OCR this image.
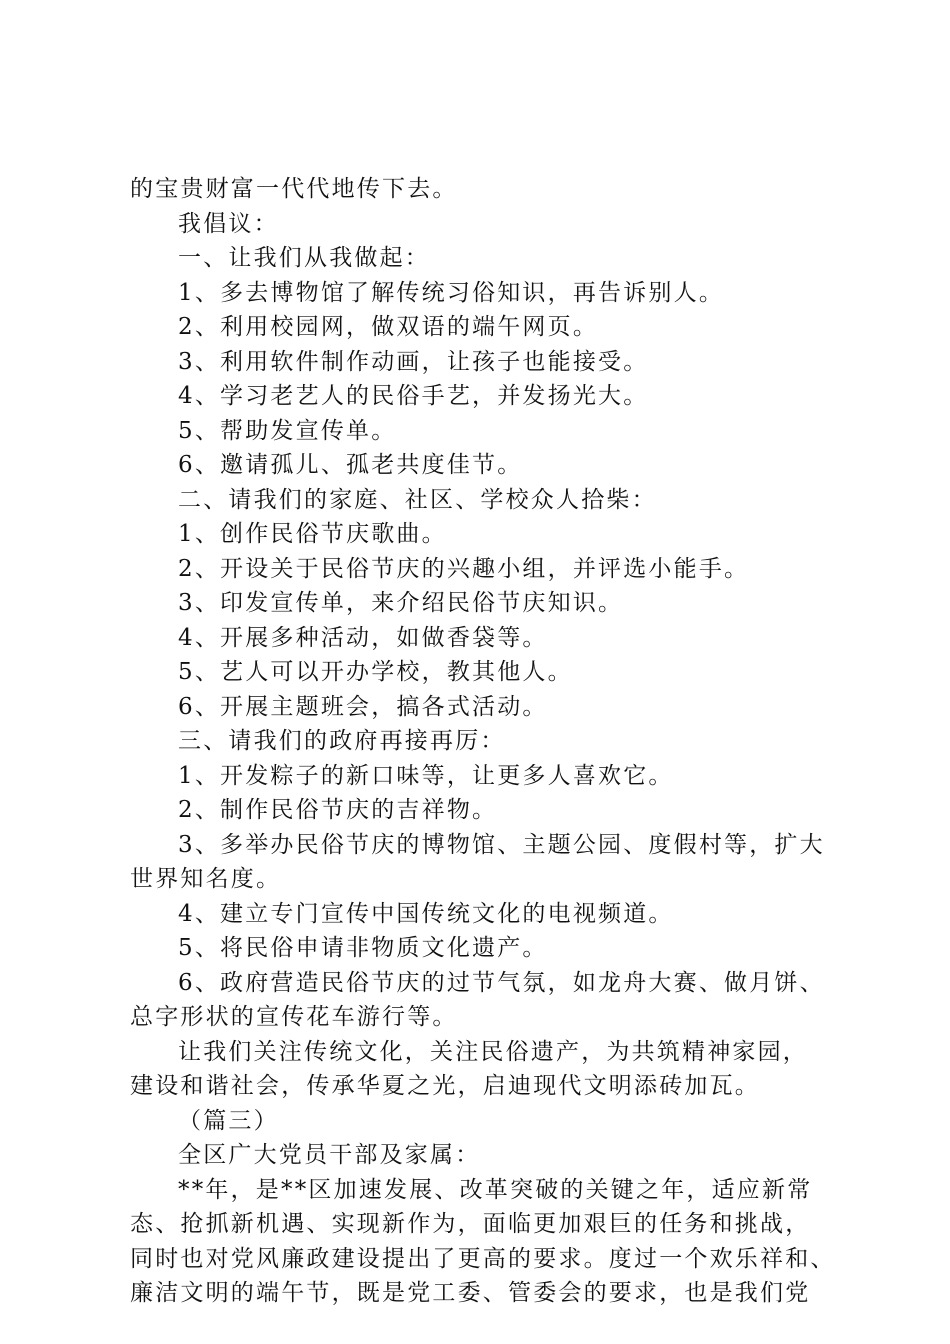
的宝贵财富一代代地传下去。
我倡议：
一、让我们从我做起：
1、多去博物馆了解传统习俗知识，再告诉别人。
2、利用校园网，做双语的端午网页。
3、利用软件制作动画，让孩子也能接受。
4、学习老艺人的民俗手艺，并发扬光大。
5、帮助发宣传单。
6、邀请孤儿、孤老共度佳节。
二、请我们的家庭、社区、学校众人拾柴：
1、创作民俗节庆歌曲。
2、开设关于民俗节庆的兴趣小组，并评选小能手。
3、印发宣传单，来介绍民俗节庆知识。
4、开展多种活动，如做香袋等。
5、艺人可以开办学校，教其他人。
6、开展主题班会，搞各式活动。
三、请我们的政府再接再厉：
1、开发粽子的新口味等，让更多人喜欢它。
2、制作民俗节庆的吉祥物。
3、多举办民俗节庆的博物馆、主题公园、度假村等，扩大
世界知名度。
4、建立专门宣传中国传统文化的电视频道。
5、将民俗申请非物质文化遗产。
6、政府营造民俗节庆的过节气氛，如龙舟大赛、做月饼、
总字形状的宣传花车游行等。
让我们关注传统文化，关注民俗遗产，为共筑精神家园，
建设和谐社会，传承华夏之光，启迪现代文明添砖加瓦。
（篇三）
全区广大党员干部及家属：
**年，是**区加速发展、改革突破的关键之年，适应新常
态、抢抓新机遇、实现新作为，面临更加艰巨的任务和挑战，
同时也对党风廉政建设提出了更高的要求。度过一个欢乐祥和、
廉洁文明的端午节，既是党工委、管委会的要求，也是我们党
